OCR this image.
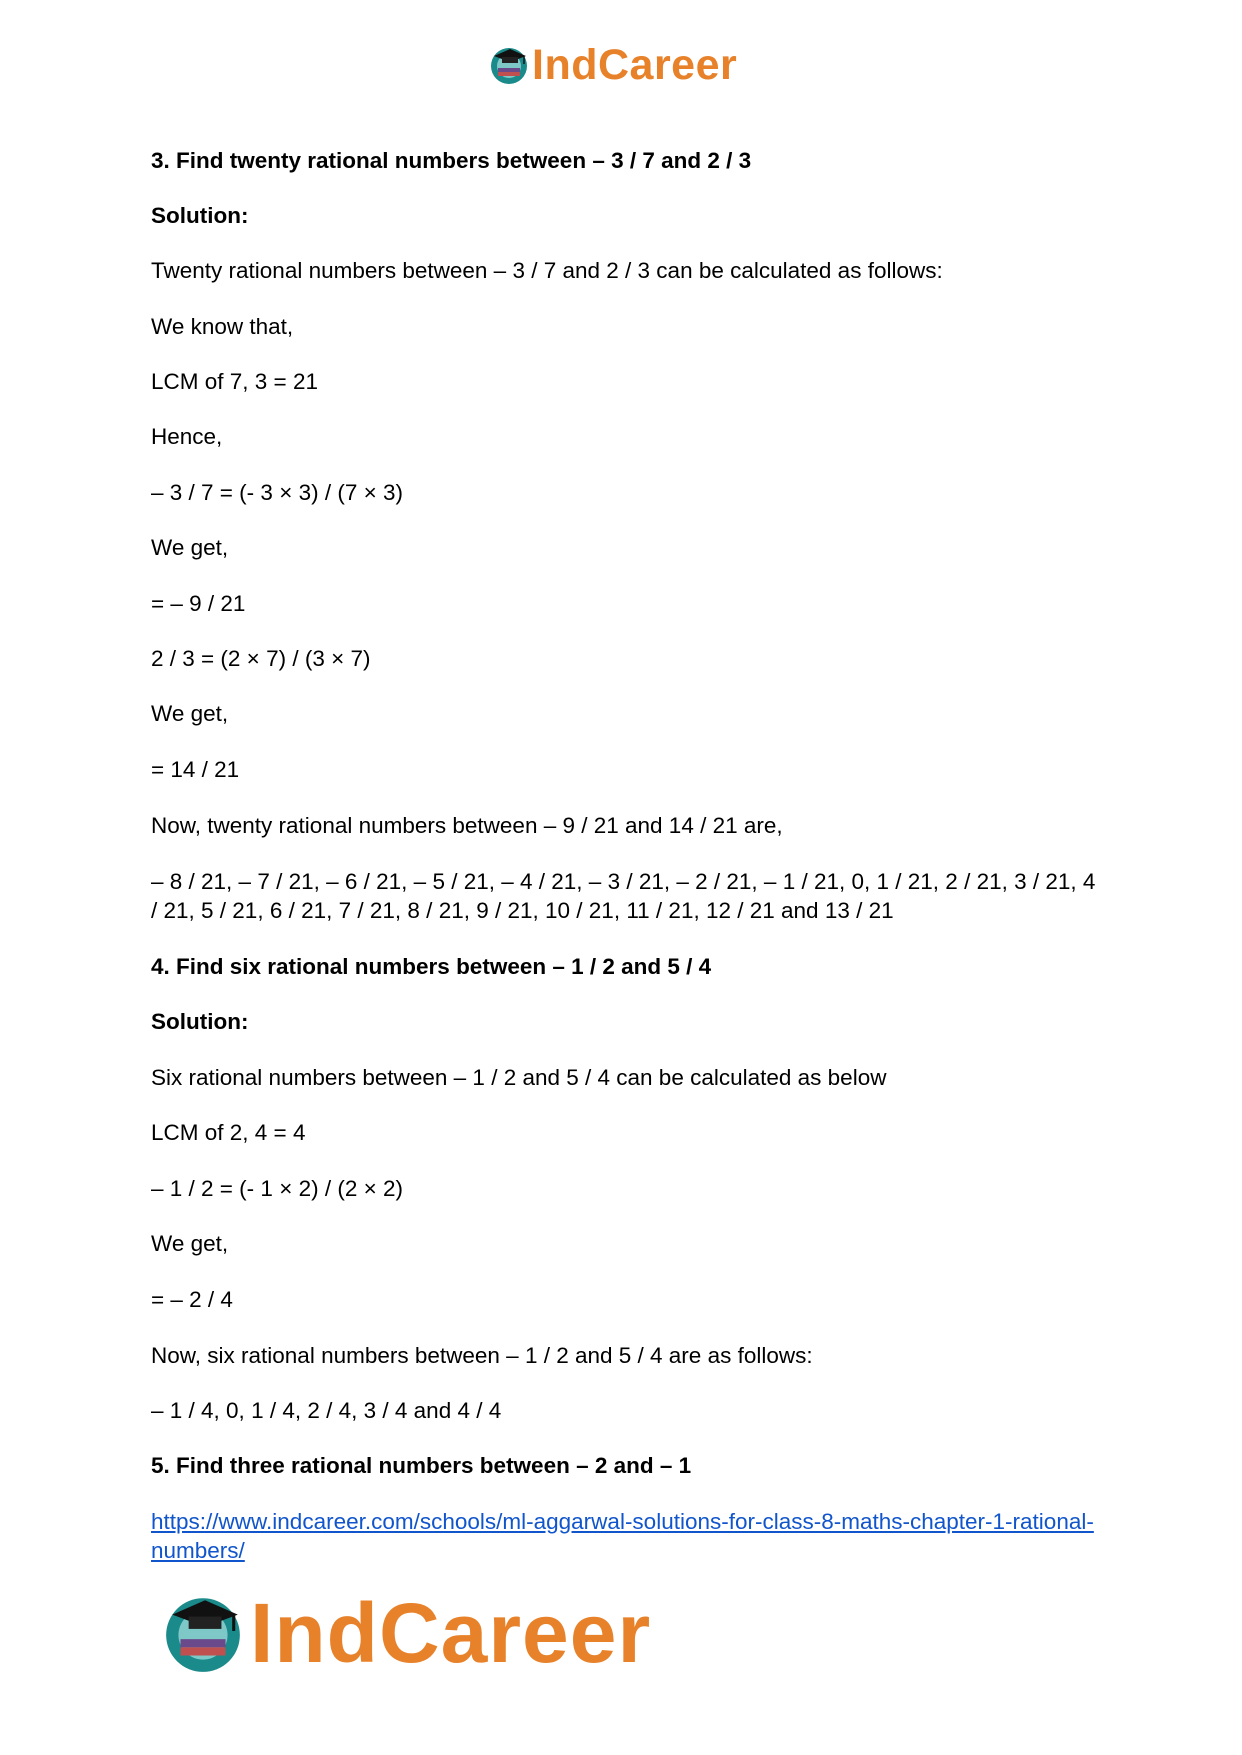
IndCareer

3. Find twenty rational numbers between – 3 / 7 and 2 / 3

Solution:

Twenty rational numbers between – 3 / 7 and 2 / 3 can be calculated as follows:

We know that,

LCM of 7, 3 = 21

Hence,

– 3 / 7 = (- 3 × 3) / (7 × 3)

We get,

= – 9 / 21

2 / 3 = (2 × 7) / (3 × 7)

We get,

= 14 / 21

Now, twenty rational numbers between – 9 / 21 and 14 / 21 are,

– 8 / 21, – 7 / 21, – 6 / 21, – 5 / 21, – 4 / 21, – 3 / 21, – 2 / 21, – 1 / 21, 0, 1 / 21, 2 / 21, 3 / 21, 4 / 21, 5 / 21, 6 / 21, 7 / 21, 8 / 21, 9 / 21, 10 / 21, 11 / 21, 12 / 21 and 13 / 21

4. Find six rational numbers between – 1 / 2 and 5 / 4

Solution:

Six rational numbers between – 1 / 2 and 5 / 4 can be calculated as below

LCM of 2, 4 = 4

– 1 / 2 = (- 1 × 2) / (2 × 2)

We get,

= – 2 / 4

Now, six rational numbers between – 1 / 2 and 5 / 4 are as follows:

– 1 / 4, 0, 1 / 4, 2 / 4, 3 / 4 and 4 / 4

5. Find three rational numbers between – 2 and – 1

https://www.indcareer.com/schools/ml-aggarwal-solutions-for-class-8-maths-chapter-1-rational-numbers/
IndCareer
